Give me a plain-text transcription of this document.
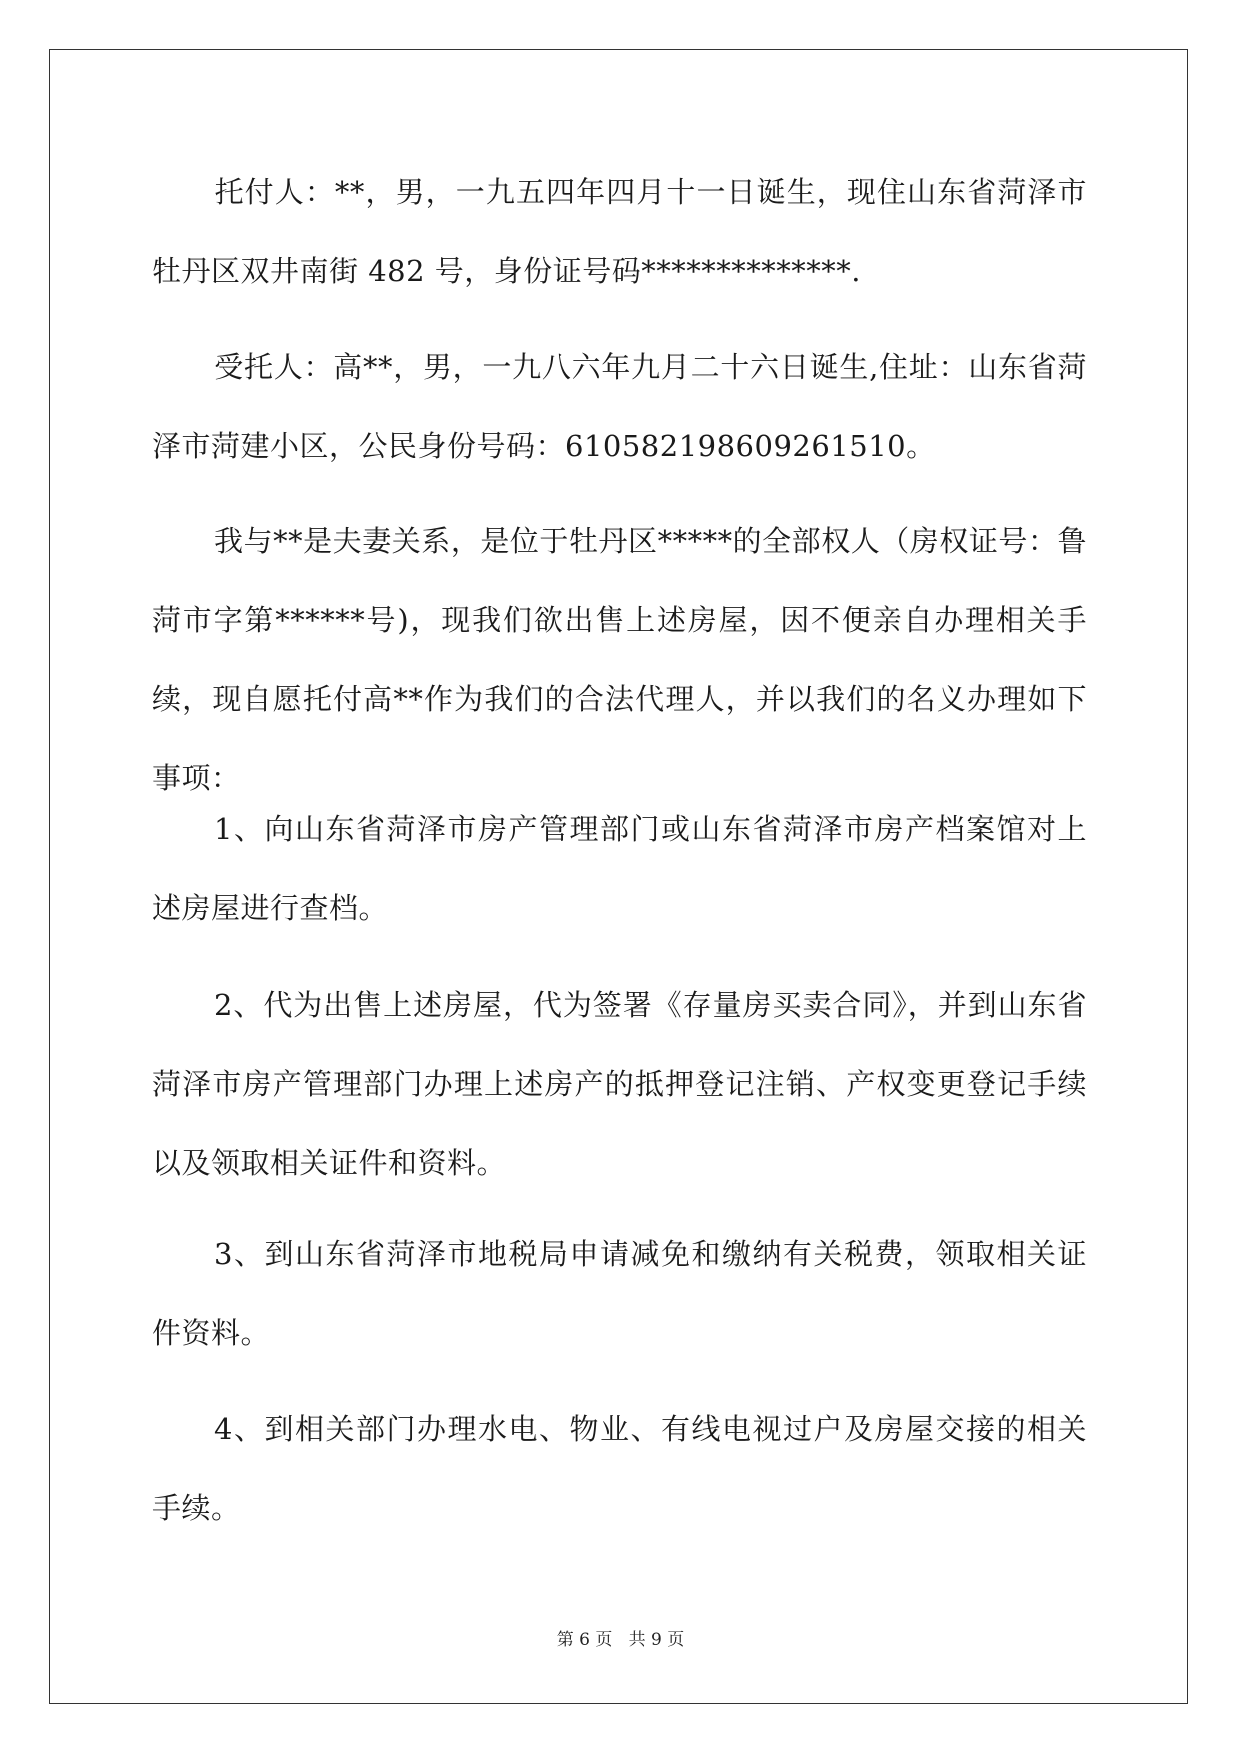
托付人：**，男，一九五四年四月十一日诞生，现住山东省菏泽市牡丹区双井南街 482 号，身份证号码**************.

受托人：高**，男，一九八六年九月二十六日诞生,住址：山东省菏泽市菏建小区，公民身份号码：610582198609261510。

我与**是夫妻关系，是位于牡丹区*****的全部权人（房权证号：鲁菏市字第******号)，现我们欲出售上述房屋，因不便亲自办理相关手续，现自愿托付高**作为我们的合法代理人，并以我们的名义办理如下事项：

1、向山东省菏泽市房产管理部门或山东省菏泽市房产档案馆对上述房屋进行查档。

2、代为出售上述房屋，代为签署《存量房买卖合同》，并到山东省菏泽市房产管理部门办理上述房产的抵押登记注销、产权变更登记手续以及领取相关证件和资料。

3、到山东省菏泽市地税局申请减免和缴纳有关税费，领取相关证件资料。

4、到相关部门办理水电、物业、有线电视过户及房屋交接的相关手续。

第 6 页   共 9 页
